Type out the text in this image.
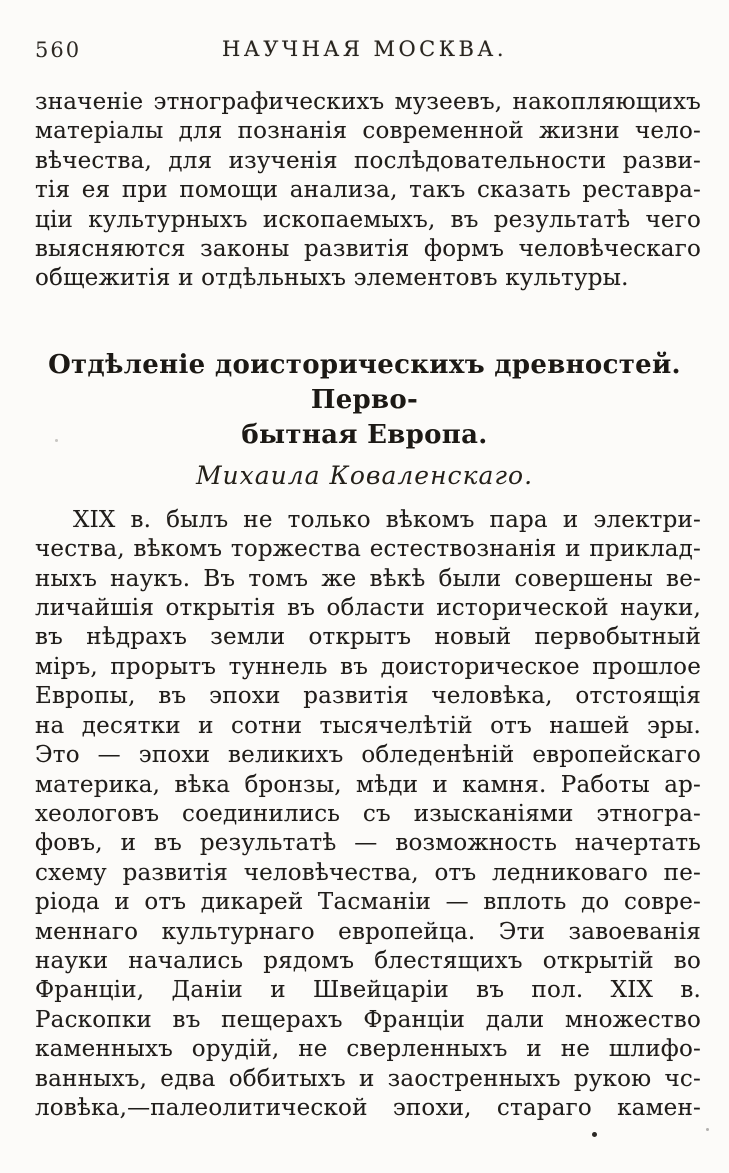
560	НАУЧНАЯ МОСКВА.
значеніе этнографическихъ музеевъ, накопляющихъ
матеріалы для познанія современной жизни чело-
вѣчества, для изученія послѣдовательности разви-
тія ея при помощи анализа, такъ сказать реставра-
ціи культурныхъ ископаемыхъ, въ результатѣ чего
выясняются законы развитія формъ человѣческаго
общежитія и отдѣльныхъ элементовъ культуры.
Отдѣленіе доисторическихъ древностей. Перво-
бытная Европа.
Михаила Коваленскаго.
XIX в. былъ не только вѣкомъ пара и электри-
чества, вѣкомъ торжества естествознанія и приклад-
ныхъ наукъ. Въ томъ же вѣкѣ были совершены ве-
личайшія открытія въ области исторической науки,
въ нѣдрахъ земли открытъ новый первобытный
міръ, прорытъ туннель въ доисторическое прошлое
Европы, въ эпохи развитія человѣка, отстоящія
на десятки и сотни тысячелѣтій отъ нашей эры.
Это — эпохи великихъ обледенѣній европейскаго
материка, вѣка бронзы, мѣди и камня. Работы ар-
хеологовъ соединились съ изысканіями этногра-
фовъ, и въ результатѣ — возможность начертать
схему развитія человѣчества, отъ ледниковаго пе-
ріода и отъ дикарей Тасманіи — вплоть до совре-
меннаго культурнаго европейца. Эти завоеванія
науки начались рядомъ блестящихъ открытій во
Франціи, Даніи и Швейцаріи въ пол. XIX в.
Раскопки въ пещерахъ Франціи дали множество
каменныхъ орудій, не сверленныхъ и не шлифо-
ванныхъ, едва оббитыхъ и заостренныхъ рукою чс-
ловѣка,—палеолитической эпохи, стараго камен-
